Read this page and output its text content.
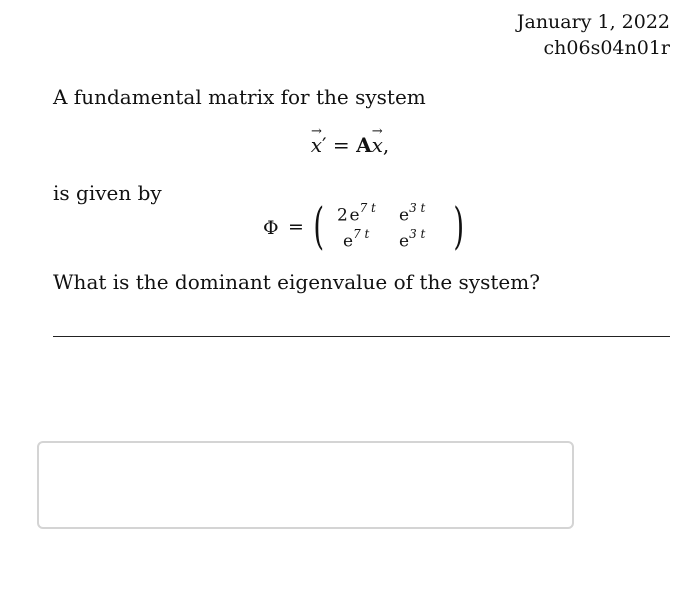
January 1, 2022
ch06s04n01r
A fundamental matrix for the system
→ x′ = A→ x,
is given by
Φ = ( 2  $e^{7 t}$ $e^{3 t}$
$e^{7 t}$ $e^{3 t}$ )
What is the dominant eigenvalue of the system?
